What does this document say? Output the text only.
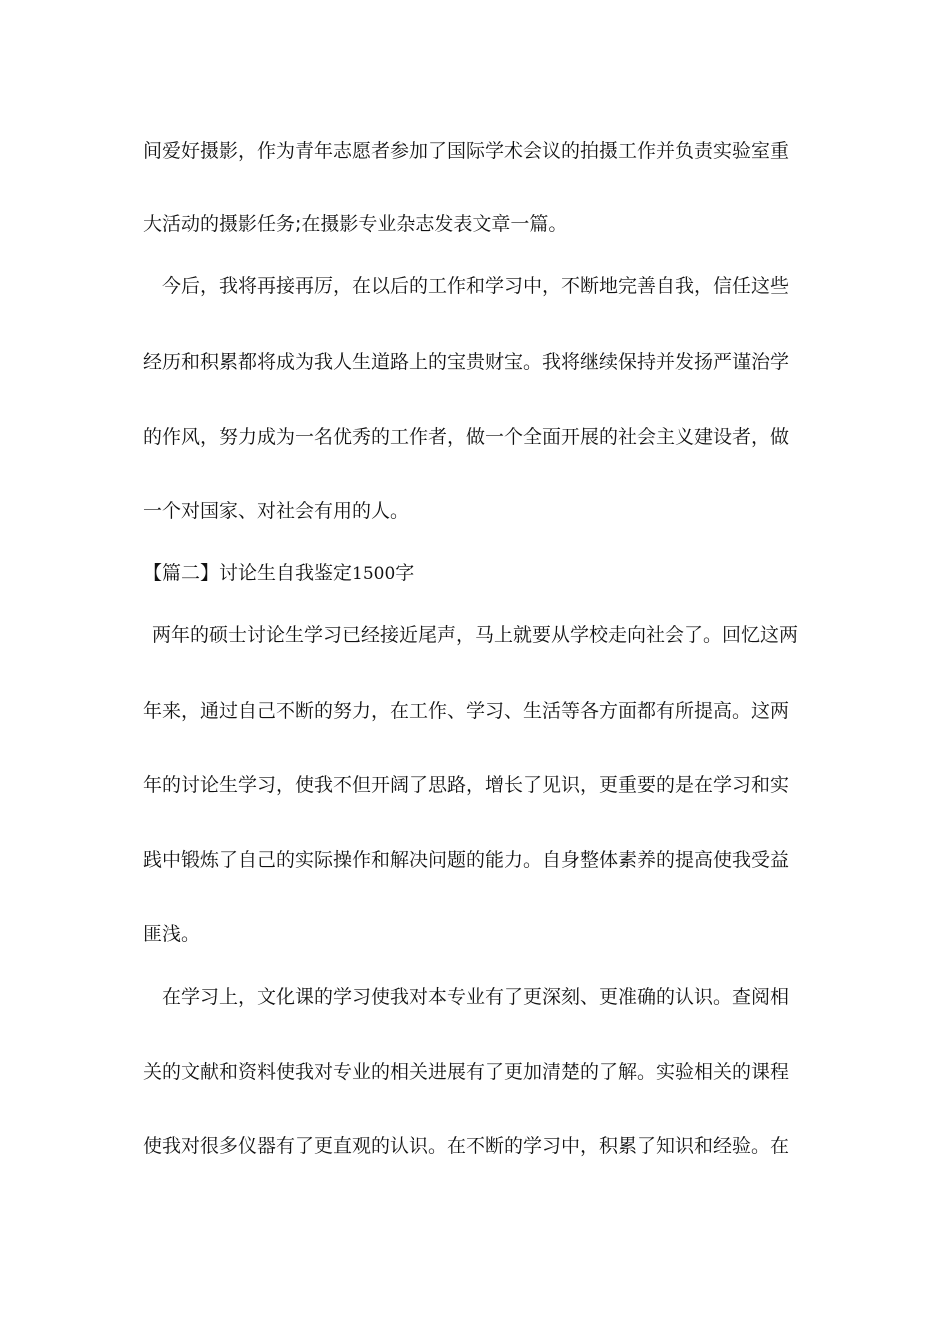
间爱好摄影，作为青年志愿者参加了国际学术会议的拍摄工作并负责实验室重
大活动的摄影任务;在摄影专业杂志发表文章一篇。
　今后，我将再接再厉，在以后的工作和学习中，不断地完善自我，信任这些
经历和积累都将成为我人生道路上的宝贵财宝。我将继续保持并发扬严谨治学
的作风，努力成为一名优秀的工作者，做一个全面开展的社会主义建设者，做
一个对国家、对社会有用的人。
【篇二】讨论生自我鉴定1500字
两年的硕士讨论生学习已经接近尾声，马上就要从学校走向社会了。回忆这两
年来，通过自己不断的努力，在工作、学习、生活等各方面都有所提高。这两
年的讨论生学习，使我不但开阔了思路，增长了见识，更重要的是在学习和实
践中锻炼了自己的实际操作和解决问题的能力。自身整体素养的提高使我受益
匪浅。
　在学习上，文化课的学习使我对本专业有了更深刻、更准确的认识。查阅相
关的文献和资料使我对专业的相关进展有了更加清楚的了解。实验相关的课程
使我对很多仪器有了更直观的认识。在不断的学习中，积累了知识和经验。在
